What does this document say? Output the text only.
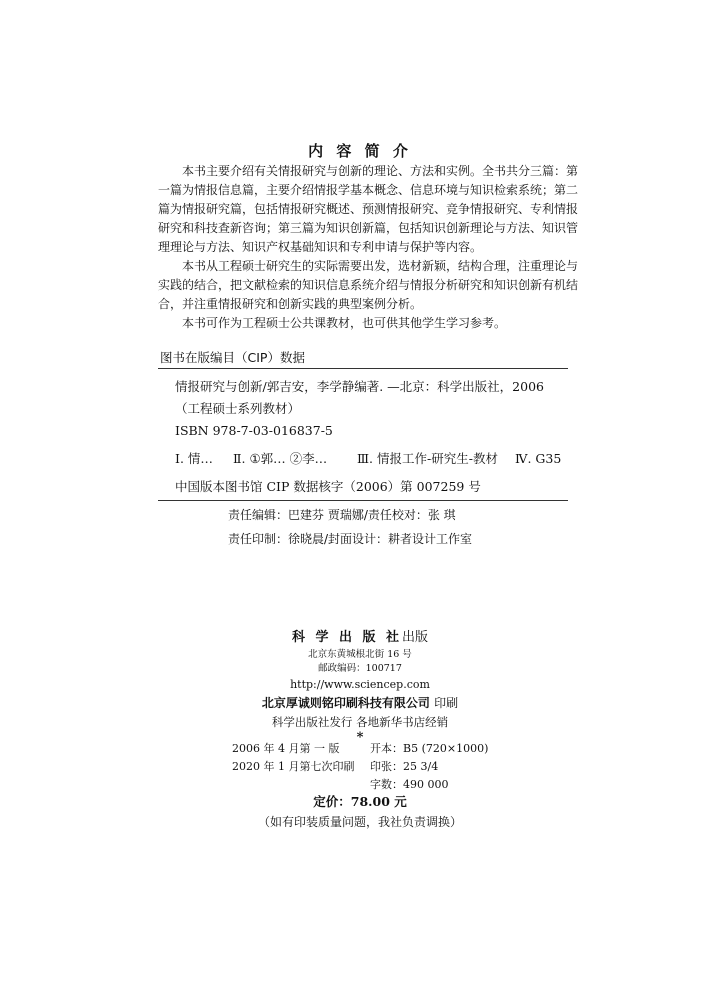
内 容 简 介

本书主要介绍有关情报研究与创新的理论、方法和实例。全书共分三篇：第一篇为情报信息篇，主要介绍情报学基本概念、信息环境与知识检索系统；第二篇为情报研究篇，包括情报研究概述、预测情报研究、竞争情报研究、专利情报研究和科技查新咨询；第三篇为知识创新篇，包括知识创新理论与方法、知识管理理论与方法、知识产权基础知识和专利申请与保护等内容。

本书从工程硕士研究生的实际需要出发，选材新颖，结构合理，注重理论与实践的结合，把文献检索的知识信息系统介绍与情报分析研究和知识创新有机结合，并注重情报研究和创新实践的典型案例分析。

本书可作为工程硕士公共课教材，也可供其他学生学习参考。

图书在版编目（CIP）数据
情报研究与创新/郭吉安，李学静编著. —北京：科学出版社，2006
（工程硕士系列教材）
ISBN 978-7-03-016837-5
Ⅰ. 情… Ⅱ. ①郭… ②李… Ⅲ. 情报工作-研究生-教材 Ⅳ. G35
中国版本图书馆 CIP 数据核字（2006）第 007259 号
责任编辑：巴建芬 贾瑞娜/责任校对：张 琪
责任印制：徐晓晨/封面设计：耕者设计工作室
科 学 出 版 社出版
北京东黄城根北街 16 号
邮政编码：100717
http://www.sciencep.com
北京厚诚则铭印刷科技有限公司 印刷
科学出版社发行 各地新华书店经销
*
2006 年 4 月第 一 版	开本：B5 (720×1000)
2020 年 1 月第七次印刷 印张：25 3/4
字数：490 000
定价：78.00 元
（如有印装质量问题，我社负责调换）
